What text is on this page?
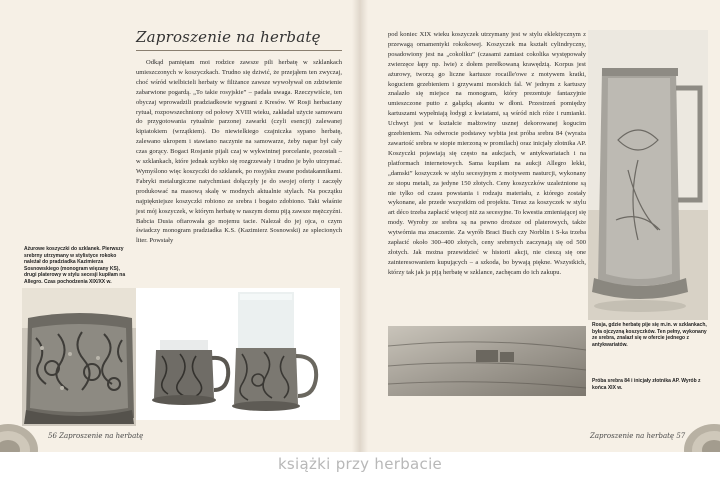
Zaproszenie na herbatę

Odkąd pamiętam moi rodzice zawsze pili herbatę w szklankach umieszczonych w koszyczkach. Trudno się dziwić, że przejąłem ten zwyczaj, choć wśród wielbicieli herbaty w filiżance zawsze wywoływał on zdziwienie zabarwione pogardą. „To takie rosyjskie” – padała uwaga. Rzeczywiście, ten obyczaj wprowadzili pradziadkowie wygnani z Kresów. W Rosji herbaciany rytuał, rozpowszechniony od połowy XVIII wieku, zakładał użycie samowaru do przygotowania rytualnie parzonej zawarki (czyli esencji) zalewanej kipiatokiem (wrzątkiem). Do niewielkiego czajniczka sypano herbatę, zalewano ukropem i stawiano naczynie na samowarze, żeby napar był cały czas gorący. Bogaci Rosjanie pijali czaj w wykwintnej porcelanie, pozostali – w szklankach, które jednak szybko się rozgrzewały i trudno je było utrzymać. Wymyślono więc koszyczki do szklanek, po rosyjsku zwane podstakannikami. Fabryki metalurgiczne natychmiast dołączyły je do swojej oferty i zaczęły produkować na masową skalę w modnych aktualnie stylach. Na początku najpiękniejsze koszyczki robiono ze srebra i bogato zdobiono. Taki właśnie jest mój koszyczek, w którym herbatę w naszym domu piją zawsze mężczyźni. Babcia Dusia ofiarowała go mojemu tacie. Nalezał do jej ojca, o czym świadczy monogram pradziadka K.S. (Kazimierz Sosnowski) ze splecionych liter. Powstały

Ażurowe koszyczki do szklanek. Pierwszy srebrny utrzymany w stylistyce rokoko należał do pradziadka Kazimierza Sosnowskiego (monogram więzany KS), drugi platerowy w stylu secesji kupiłam na Allegro. Czas pochodzenia XIX/XX w.

56 Zaproszenie na herbatę

pod koniec XIX wieku koszyczek utrzymany jest w stylu eklektycznym z przewagą ornamentyki rokokowej. Koszyczek ma kształt cylindryczny, posadowiony jest na „cokoliku” (czasami zamiast cokolika występowały zwierzęce łapy np. lwie) z dołem perełkowaną krawędzią. Korpus jest ażurowy, tworzą go liczne kartusze rocaille'owe z motywem kratki, koguciem grzebieniem i grzywami morskich fal. W jednym z kartuszy znalazło się miejsce na monogram, który prezentuje fantazyjnie umieszczone putto z gałązką akantu w dłoni. Przestrzeń pomiędzy kartuszami wypełniają łodygi z kwiatami, są wśród nich róże i rumianki. Uchwyt jest w kształcie małżowiny usznej dekorowanej kogucim grzebieniem. Na odwrocie podstawy wybita jest próba srebra 84 (wyraża zawartość srebra w stopie mierzoną w promilach) oraz inicjały złotnika AP. Koszyczki pojawiają się często na aukcjach, w antykwariatach i na platformach internetowych. Sama kupiłam na aukcji Allegro lekki, „damski” koszyczek w stylu secesyjnym z motywem nasturcji, wykonany ze stopu metali, za jedyne 150 złotych. Ceny koszyczków uzależnione są nie tylko od czasu powstania i rodzaju materiału, z którego zostały wykonane, ale przede wszystkim od projektu. Teraz za koszyczek w stylu art déco trzeba zapłacić więcej niż za secesyjne. To kwestia zmieniającej się mody. Wyroby ze srebra są na pewno droższe od platerowych, także wytwórnia ma znaczenie. Za wyrób Braci Buch czy Norblin i S-ka trzeba zapłacić około 300–400 złotych, ceny srebrnych zaczynają się od 500 złotych. Jak można przewidzieć w historii akcji, nie cieszą się one zainteresowaniem kupujących – a szkoda, bo bywają piękne. Wszystkich, którzy tak jak ja piją herbatę w szklance, zachęcam do ich zakupu.

Rosja, gdzie herbatę pije się m.in. w szklankach, była ojczyzną koszyczków. Ten pełny, wykonany ze srebra, znalazł się w ofercie jednego z antykwariatów.

Próba srebra 84 i inicjały złotnika AP. Wyrób z końca XIX w.

Zaproszenie na herbatę 57
książki przy herbacie
